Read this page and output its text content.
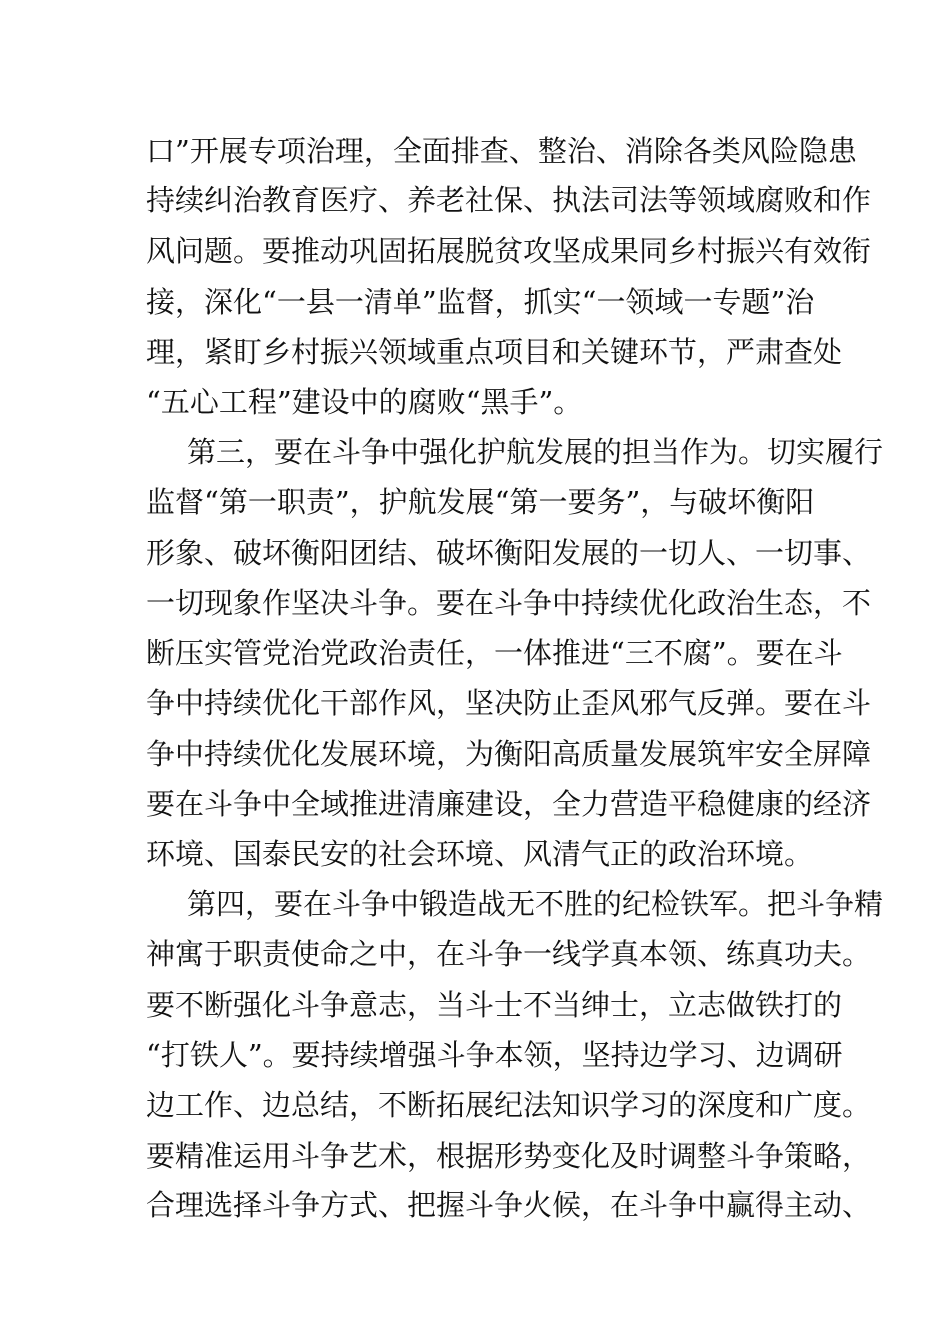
口”开展专项治理，全面排查、整治、消除各类风险隐患
持续纠治教育医疗、养老社保、执法司法等领域腐败和作
风问题。要推动巩固拓展脱贫攻坚成果同乡村振兴有效衔
接，深化“一县一清单”监督，抓实“一领域一专题”治
理，紧盯乡村振兴领域重点项目和关键环节，严肃查处
“五心工程”建设中的腐败“黑手”。
第三，要在斗争中强化护航发展的担当作为。切实履行
监督“第一职责”，护航发展“第一要务”，与破坏衡阳
形象、破坏衡阳团结、破坏衡阳发展的一切人、一切事、
一切现象作坚决斗争。要在斗争中持续优化政治生态，不
断压实管党治党政治责任，一体推进“三不腐”。要在斗
争中持续优化干部作风，坚决防止歪风邪气反弹。要在斗
争中持续优化发展环境，为衡阳高质量发展筑牢安全屏障
要在斗争中全域推进清廉建设，全力营造平稳健康的经济
环境、国泰民安的社会环境、风清气正的政治环境。
第四，要在斗争中锻造战无不胜的纪检铁军。把斗争精
神寓于职责使命之中，在斗争一线学真本领、练真功夫。
要不断强化斗争意志，当斗士不当绅士，立志做铁打的
“打铁人”。要持续增强斗争本领，坚持边学习、边调研
边工作、边总结，不断拓展纪法知识学习的深度和广度。
要精准运用斗争艺术，根据形势变化及时调整斗争策略，
合理选择斗争方式、把握斗争火候，在斗争中赢得主动、
